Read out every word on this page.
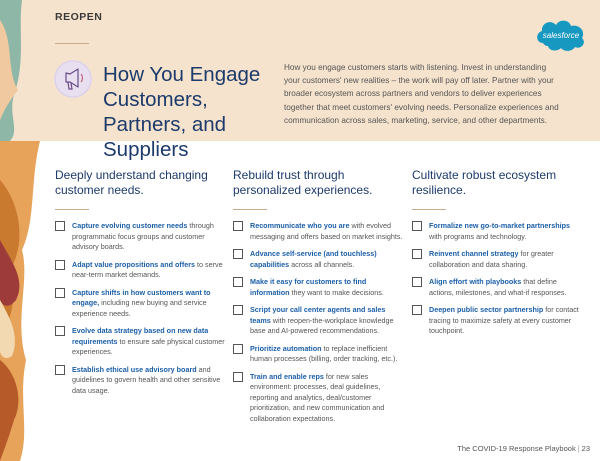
REOPEN
salesforce
How You Engage Customers, Partners, and Suppliers
How you engage customers starts with listening. Invest in understanding your customers' new realities – the work will pay off later. Partner with your broader ecosystem across partners and vendors to deliver experiences together that meet customers' evolving needs. Personalize experiences and communication across sales, marketing, service, and other departments.
Deeply understand changing customer needs.
Capture evolving customer needs through programmatic focus groups and customer advisory boards.
Adapt value propositions and offers to serve near-term market demands.
Capture shifts in how customers want to engage, including new buying and service experience needs.
Evolve data strategy based on new data requirements to ensure safe physical customer experiences.
Establish ethical use advisory board and guidelines to govern health and other sensitive data usage.
Rebuild trust through personalized experiences.
Recommunicate who you are with evolved messaging and offers based on market insights.
Advance self-service (and touchless) capabilities across all channels.
Make it easy for customers to find information they want to make decisions.
Script your call center agents and sales teams with reopen-the-workplace knowledge base and AI-powered recommendations.
Prioritize automation to replace inefficient human processes (billing, order tracking, etc.).
Train and enable reps for new sales environment: processes, deal guidelines, reporting and analytics, deal/customer prioritization, and new communication and collaboration expectations.
Cultivate robust ecosystem resilience.
Formalize new go-to-market partnerships with programs and technology.
Reinvent channel strategy for greater collaboration and data sharing.
Align effort with playbooks that define actions, milestones, and what-if responses.
Deepen public sector partnership for contact tracing to maximize safety at every customer touchpoint.
The COVID-19 Response Playbook | 23
